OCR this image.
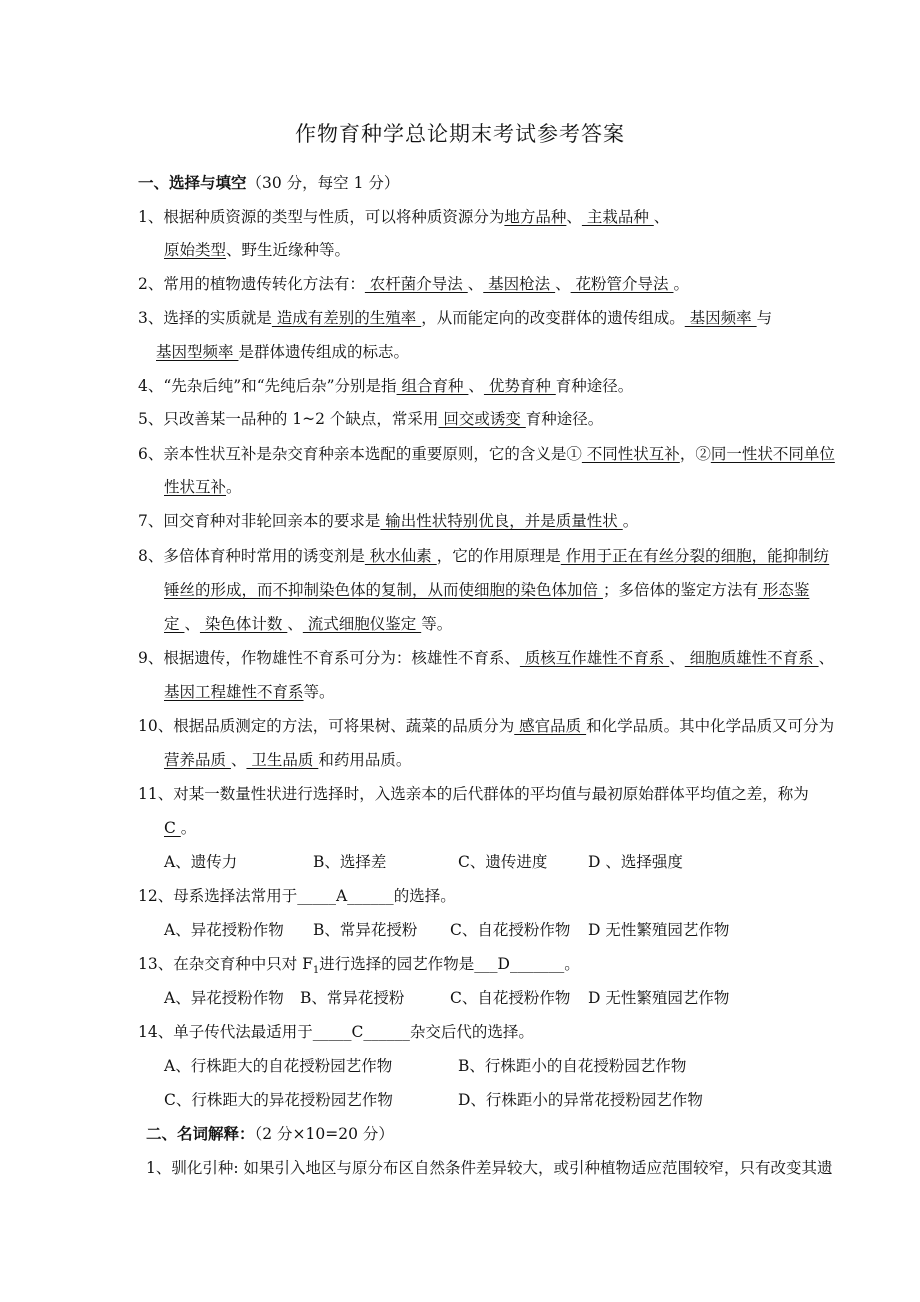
作物育种学总论期末考试参考答案
一、选择与填空（30 分，每空 1 分）
1、根据种质资源的类型与性质，可以将种质资源分为地方品种、 主栽品种 、
原始类型、野生近缘种等。
2、常用的植物遗传转化方法有： 农杆菌介导法 、 基因枪法 、 花粉管介导法 。
3、选择的实质就是 造成有差别的生殖率 ，从而能定向的改变群体的遗传组成。 基因频率 与
基因型频率 是群体遗传组成的标志。
4、“先杂后纯”和“先纯后杂”分别是指 组合育种 、 优势育种 育种途径。
5、只改善某一品种的 1~2 个缺点，常采用 回交或诱变 育种途径。
6、亲本性状互补是杂交育种亲本选配的重要原则，它的含义是① 不同性状互补，②同一性状不同单位
性状互补。
7、回交育种对非轮回亲本的要求是 输出性状特别优良，并是质量性状 。
8、多倍体育种时常用的诱变剂是 秋水仙素 ，它的作用原理是 作用于正在有丝分裂的细胞，能抑制纺
锤丝的形成，而不抑制染色体的复制，从而使细胞的染色体加倍 ；多倍体的鉴定方法有 形态鉴
定 、 染色体计数 、 流式细胞仪鉴定 等。
9、根据遗传，作物雄性不育系可分为：核雄性不育系、 质核互作雄性不育系 、 细胞质雄性不育系 、
基因工程雄性不育系等。
10、根据品质测定的方法，可将果树、蔬菜的品质分为 感官品质 和化学品质。其中化学品质又可分为
营养品质 、 卫生品质 和药用品质。
11、对某一数量性状进行选择时，入选亲本的后代群体的平均值与最初原始群体平均值之差，称为
C 。
A、遗传力	B、选择差	C、遗传进度	D 、选择强度
12、母系选择法常用于_____A______的选择。
A、异花授粉作物 B、常异花授粉 C、自花授粉作物 D 无性繁殖园艺作物
13、在杂交育种中只对 $F_1$进行选择的园艺作物是___D_______。
A、异花授粉作物 B、常异花授粉	C、自花授粉作物 D 无性繁殖园艺作物
14、单子传代法最适用于_____C______杂交后代的选择。
A、行株距大的自花授粉园艺作物	B、行株距小的自花授粉园艺作物
C、行株距大的异花授粉园艺作物	D、行株距小的异常花授粉园艺作物
二、名词解释：（2 分×10=20 分）
1、驯化引种: 如果引入地区与原分布区自然条件差异较大，或引种植物适应范围较窄，只有改变其遗
